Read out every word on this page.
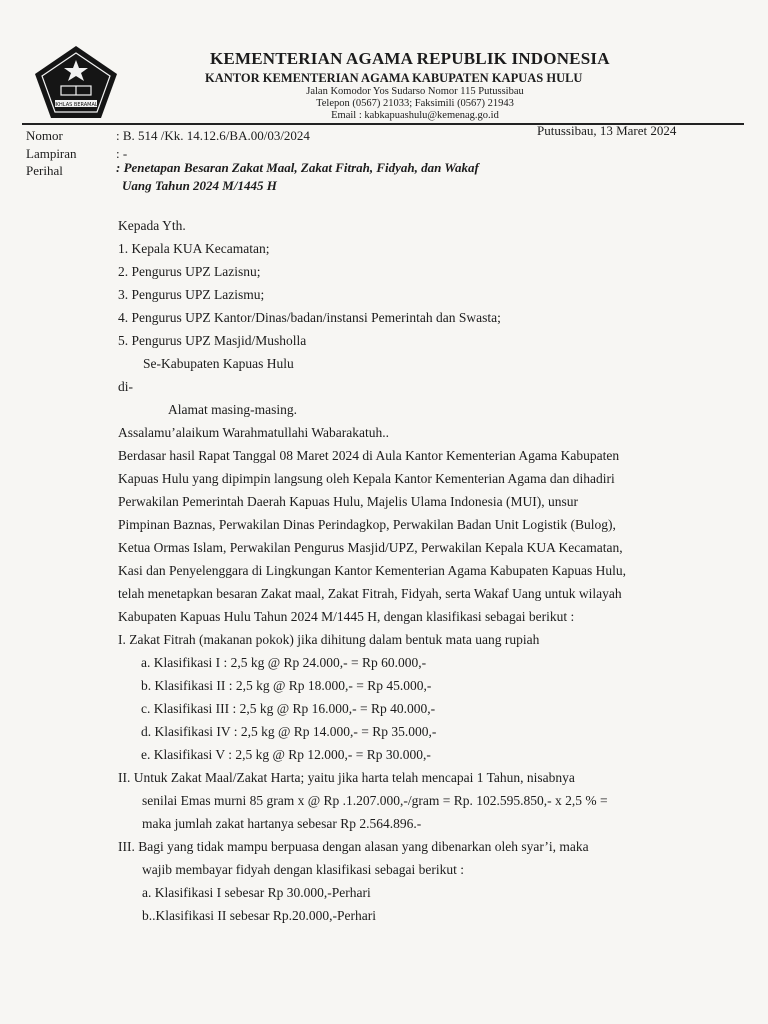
IKHLAS BERAMAL
KEMENTERIAN AGAMA REPUBLIK INDONESIA
KANTOR KEMENTERIAN AGAMA KABUPATEN KAPUAS HULU
Jalan Komodor Yos Sudarso Nomor 115 Putussibau
Telepon (0567) 21033; Faksimili (0567) 21943
Email : kabkapuashulu@kemenag.go.id
Nomor	: B. 514 /Kk. 14.12.6/BA.00/03/2024	Putussibau, 13 Maret 2024
Lampiran	: -
Perihal	: Penetapan Besaran Zakat Maal, Zakat Fitrah, Fidyah, dan Wakaf
Uang Tahun 2024 M/1445 H
Kepada Yth.
1. Kepala KUA Kecamatan;
2. Pengurus UPZ Lazisnu;
3. Pengurus UPZ Lazismu;
4. Pengurus UPZ Kantor/Dinas/badan/instansi Pemerintah dan Swasta;
5. Pengurus UPZ Masjid/Musholla
Se-Kabupaten Kapuas Hulu
di-
Alamat masing-masing.
Assalamu’alaikum Warahmatullahi Wabarakatuh..
Berdasar hasil Rapat Tanggal 08 Maret 2024 di Aula Kantor Kementerian Agama Kabupaten
Kapuas Hulu yang dipimpin langsung oleh Kepala Kantor Kementerian Agama dan dihadiri
Perwakilan Pemerintah Daerah Kapuas Hulu, Majelis Ulama Indonesia (MUI), unsur
Pimpinan Baznas, Perwakilan Dinas Perindagkop, Perwakilan Badan Unit Logistik (Bulog),
Ketua Ormas Islam, Perwakilan Pengurus Masjid/UPZ, Perwakilan Kepala KUA Kecamatan,
Kasi dan Penyelenggara di Lingkungan Kantor Kementerian Agama Kabupaten Kapuas Hulu,
telah menetapkan besaran Zakat maal, Zakat Fitrah, Fidyah, serta Wakaf Uang untuk wilayah
Kabupaten Kapuas Hulu Tahun 2024 M/1445 H, dengan klasifikasi sebagai berikut :
I. Zakat Fitrah (makanan pokok) jika dihitung dalam bentuk mata uang rupiah
a. Klasifikasi I : 2,5 kg @ Rp 24.000,- = Rp 60.000,-
b. Klasifikasi II : 2,5 kg @ Rp 18.000,- = Rp 45.000,-
c. Klasifikasi III : 2,5 kg @ Rp 16.000,- = Rp 40.000,-
d. Klasifikasi IV : 2,5 kg @ Rp 14.000,- = Rp 35.000,-
e. Klasifikasi V : 2,5 kg @ Rp 12.000,- = Rp 30.000,-
II. Untuk Zakat Maal/Zakat Harta; yaitu jika harta telah mencapai 1 Tahun, nisabnya
senilai Emas murni 85 gram x @ Rp .1.207.000,-/gram = Rp. 102.595.850,- x 2,5 % =
maka jumlah zakat hartanya sebesar Rp 2.564.896.-
III. Bagi yang tidak mampu berpuasa dengan alasan yang dibenarkan oleh syar’i, maka
wajib membayar fidyah dengan klasifikasi sebagai berikut :
a. Klasifikasi I sebesar Rp 30.000,-Perhari
b..Klasifikasi II sebesar Rp.20.000,-Perhari
